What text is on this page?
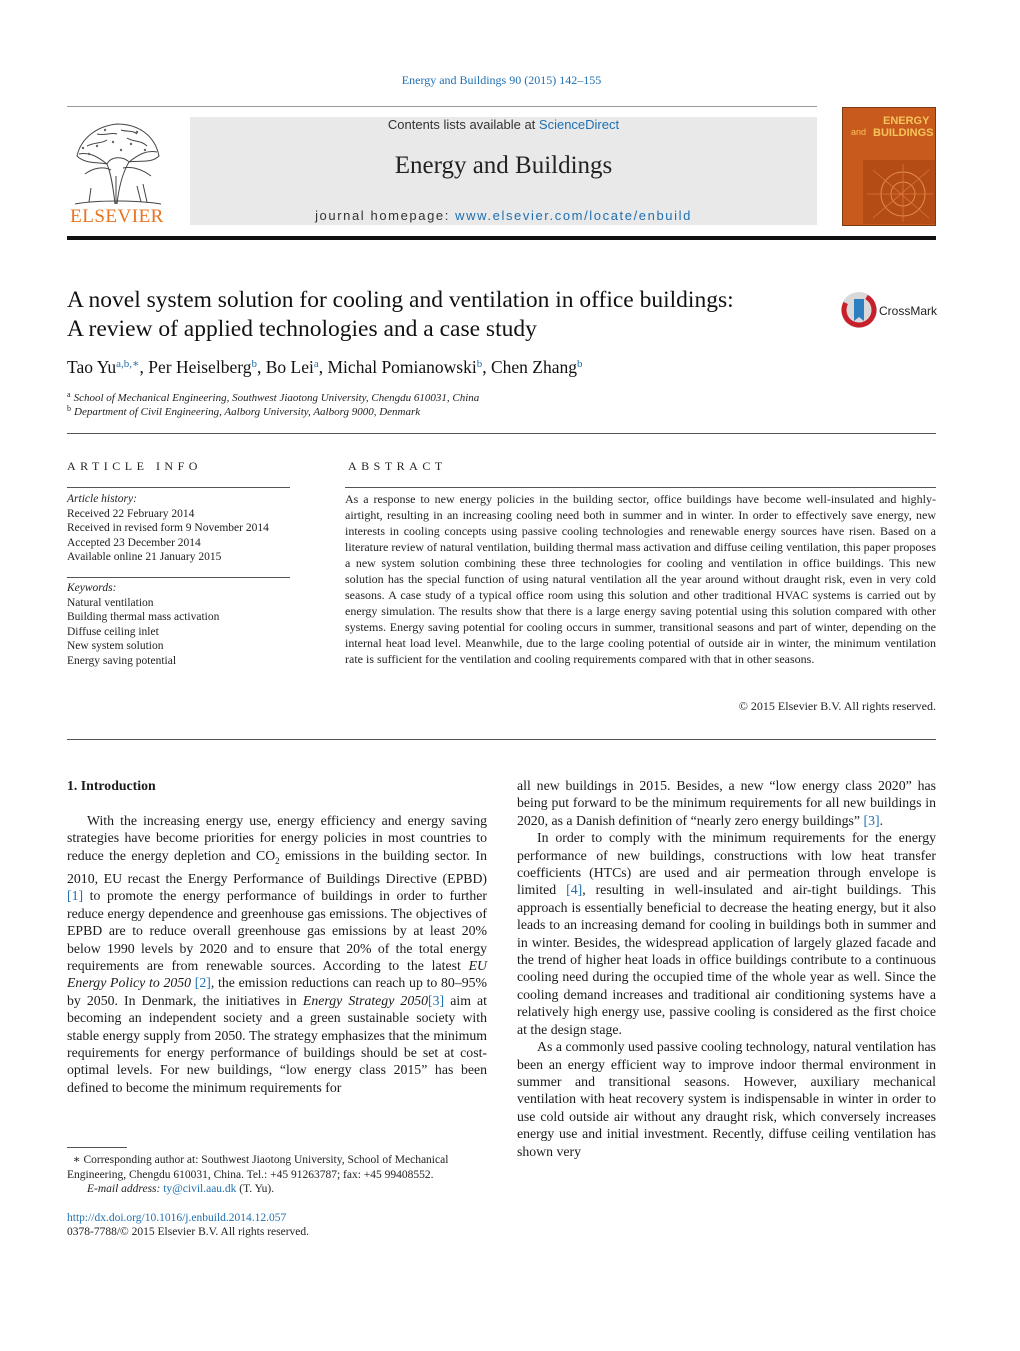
Energy and Buildings 90 (2015) 142–155
ELSEVIER
Contents lists available at ScienceDirect
Energy and Buildings
journal homepage: www.elsevier.com/locate/enbuild
ENERGY
and BUILDINGS
A novel system solution for cooling and ventilation in office buildings:
A review of applied technologies and a case study
CrossMark
Tao $Yu^{a,b,∗}$, Per Heiselberg$^b$, Bo Lei$^a$, Michal Pomianowski$^b$, Chen Zhang$^b$
$^a$ School of Mechanical Engineering, Southwest Jiaotong University, Chengdu 610031, China
$^b$ Department of Civil Engineering, Aalborg University, Aalborg 9000, Denmark
ARTICLE INFO
Article history:
Received 22 February 2014
Received in revised form 9 November 2014
Accepted 23 December 2014
Available online 21 January 2015
Keywords:
Natural ventilation
Building thermal mass activation
Diffuse ceiling inlet
New system solution
Energy saving potential
ABSTRACT
As a response to new energy policies in the building sector, office buildings have become well-insulated and highly-airtight, resulting in an increasing cooling need both in summer and in winter. In order to effectively save energy, new interests in cooling concepts using passive cooling technologies and renewable energy sources have risen. Based on a literature review of natural ventilation, building thermal mass activation and diffuse ceiling ventilation, this paper proposes a new system solution combining these three technologies for cooling and ventilation in office buildings. This new solution has the special function of using natural ventilation all the year around without draught risk, even in very cold seasons. A case study of a typical office room using this solution and other traditional HVAC systems is carried out by energy simulation. The results show that there is a large energy saving potential using this solution compared with other systems. Energy saving potential for cooling occurs in summer, transitional seasons and part of winter, depending on the internal heat load level. Meanwhile, due to the large cooling potential of outside air in winter, the minimum ventilation rate is sufficient for the ventilation and cooling requirements compared with that in other seasons.
© 2015 Elsevier B.V. All rights reserved.
1. Introduction

With the increasing energy use, energy efficiency and energy saving strategies have become priorities for energy policies in most countries to reduce the energy depletion and $CO_2$ emissions in the building sector. In 2010, EU recast the Energy Performance of Buildings Directive (EPBD) [1] to promote the energy performance of buildings in order to further reduce energy dependence and greenhouse gas emissions. The objectives of EPBD are to reduce overall greenhouse gas emissions by at least 20% below 1990 levels by 2020 and to ensure that 20% of the total energy requirements are from renewable sources. According to the latest EU Energy Policy to 2050 [2], the emission reductions can reach up to 80–95% by 2050. In Denmark, the initiatives in Energy Strategy 2050[3] aim at becoming an independent society and a green sustainable society with stable energy supply from 2050. The strategy emphasizes that the minimum requirements for energy performance of buildings should be set at cost-optimal levels. For new buildings, “low energy class 2015” has been defined to become the minimum requirements for

all new buildings in 2015. Besides, a new “low energy class 2020” has being put forward to be the minimum requirements for all new buildings in 2020, as a Danish definition of “nearly zero energy buildings” [3].

In order to comply with the minimum requirements for the energy performance of new buildings, constructions with low heat transfer coefficients (HTCs) are used and air permeation through envelope is limited [4], resulting in well-insulated and air-tight buildings. This approach is essentially beneficial to decrease the heating energy, but it also leads to an increasing demand for cooling in buildings both in summer and in winter. Besides, the widespread application of largely glazed facade and the trend of higher heat loads in office buildings contribute to a continuous cooling need during the occupied time of the whole year as well. Since the cooling demand increases and traditional air conditioning systems have a relatively high energy use, passive cooling is considered as the first choice at the design stage.

As a commonly used passive cooling technology, natural ventilation has been an energy efficient way to improve indoor thermal environment in summer and transitional seasons. However, auxiliary mechanical ventilation with heat recovery system is indispensable in winter in order to use cold outside air without any draught risk, which conversely increases energy use and initial investment. Recently, diffuse ceiling ventilation has shown very

∗ Corresponding author at: Southwest Jiaotong University, School of Mechanical Engineering, Chengdu 610031, China. Tel.: +45 91263787; fax: +45 99408552.
E-mail address: ty@civil.aau.dk (T. Yu).
http://dx.doi.org/10.1016/j.enbuild.2014.12.057
0378-7788/© 2015 Elsevier B.V. All rights reserved.
